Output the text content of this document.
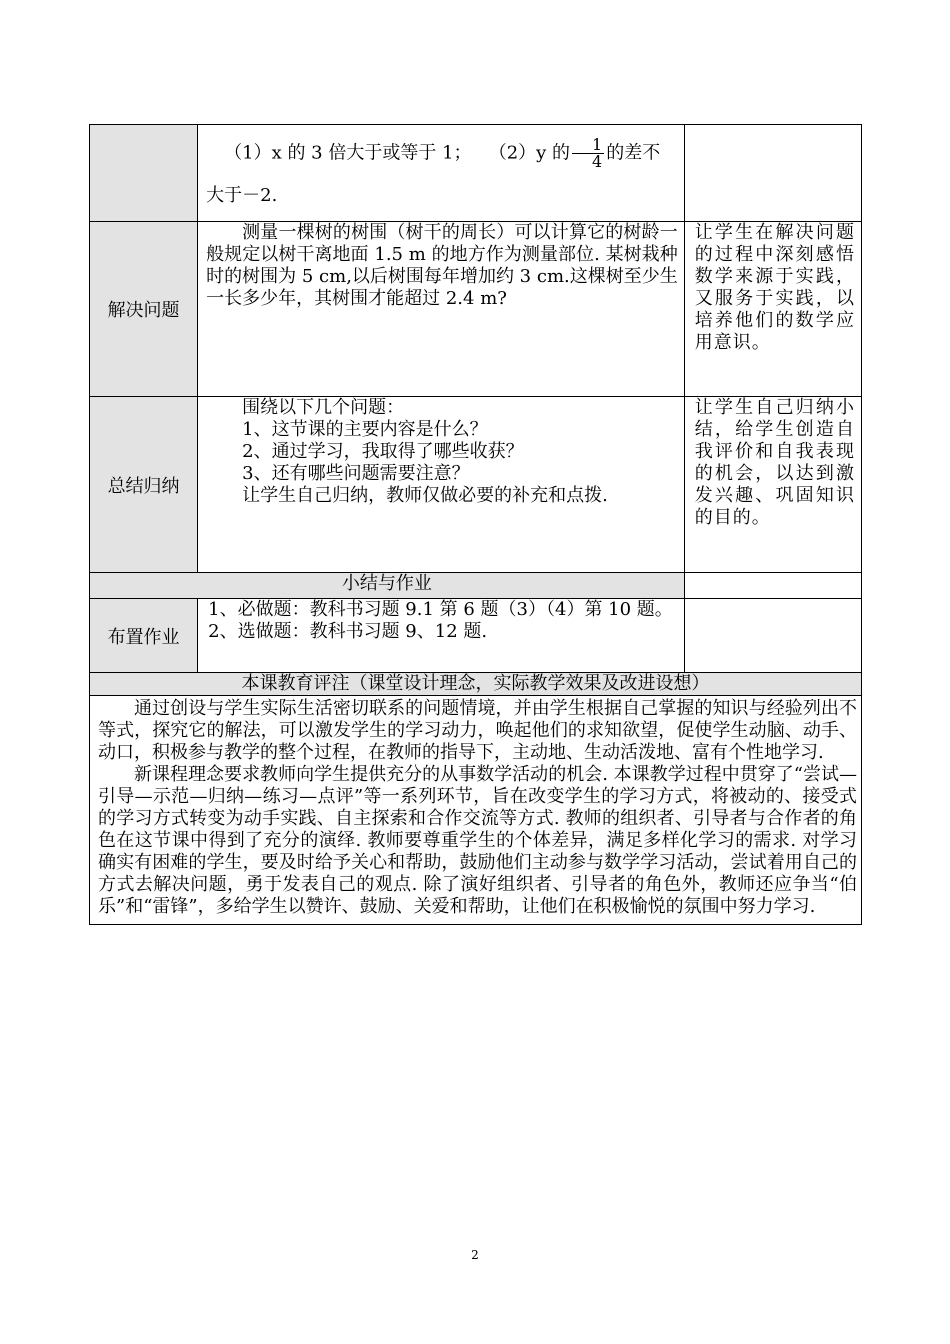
	（1）x 的 3 倍大于或等于 1； （2）y 的 $\frac{1}{4}$ 的差不

大于－2.	

解决问题	测量一棵树的树围（树干的周长）可以计算它的树龄一般规定以树干离地面 1.5 m 的地方作为测量部位. 某树栽种时的树围为 5 cm,以后树围每年增加约 3 cm.这棵树至少生一长多少年，其树围才能超过 2.4 m?	让学生在解决问题的过程中深刻感悟数学来源于实践，又服务于实践，以培养他们的数学应用意识。

总结归纳	围绕以下几个问题：

1、这节课的主要内容是什么？

2、通过学习，我取得了哪些收获？

3、还有哪些问题需要注意？

让学生自己归纳，教师仅做必要的补充和点拨.	让学生自己归纳小结，给学生创造自我评价和自我表现的机会，以达到激发兴趣、巩固知识的目的。

小结与作业		
布置作业	1、必做题：教科书习题 9.1 第 6 题（3）（4）第 10 题。

2、选做题：教科书习题 9、12 题.	

本课教育评注（课堂设计理念，实际教学效果及改进设想）		

通过创设与学生实际生活密切联系的问题情境，并由学生根据自己掌握的知识与经验列出不等式，探究它的解法，可以激发学生的学习动力，唤起他们的求知欲望，促使学生动脑、动手、动口，积极参与教学的整个过程，在教师的指导下，主动地、生动活泼地、富有个性地学习.

新课程理念要求教师向学生提供充分的从事数学活动的机会. 本课教学过程中贯穿了“尝试—引导—示范—归纳—练习—点评”等一系列环节，旨在改变学生的学习方式，将被动的、接受式的学习方式转变为动手实践、自主探索和合作交流等方式. 教师的组织者、引导者与合作者的角色在这节课中得到了充分的演绎. 教师要尊重学生的个体差异，满足多样化学习的需求. 对学习确实有困难的学生，要及时给予关心和帮助，鼓励他们主动参与数学学习活动，尝试着用自己的方式去解决问题，勇于发表自己的观点. 除了演好组织者、引导者的角色外，教师还应争当“伯乐”和“雷锋”，多给学生以赞许、鼓励、关爱和帮助，让他们在积极愉悦的氛围中努力学习.		

2
